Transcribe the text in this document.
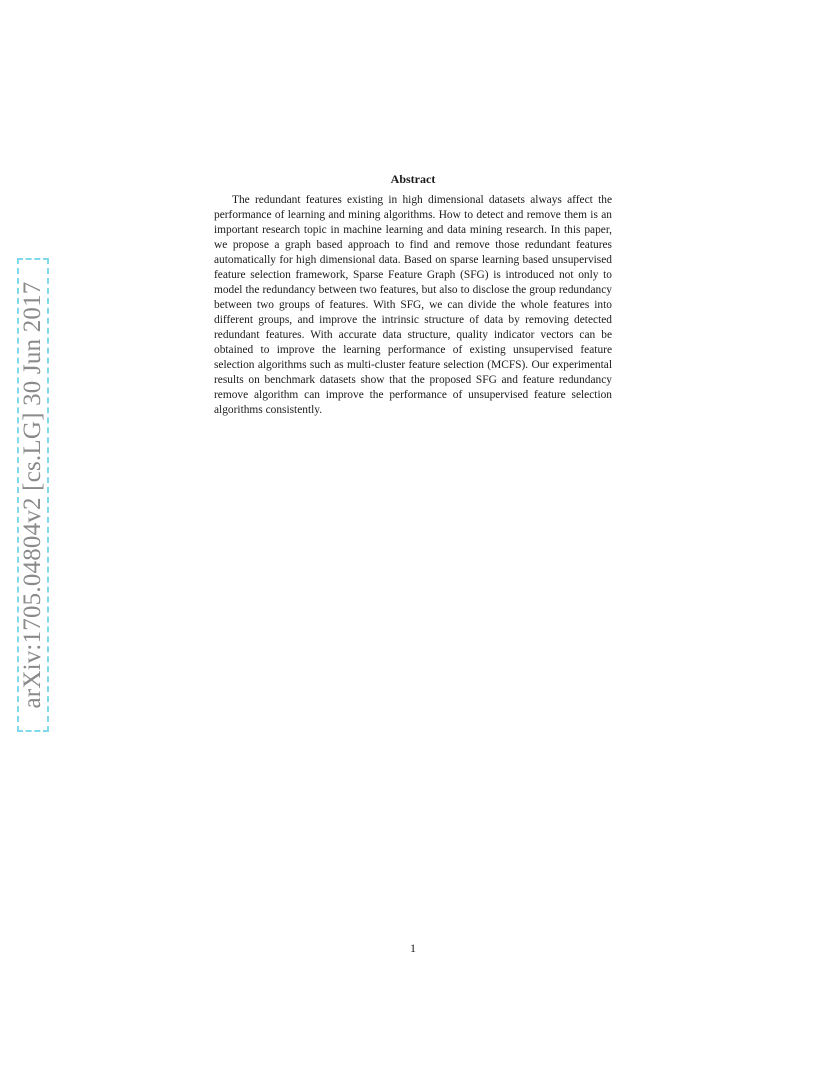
arXiv:1705.04804v2 [cs.LG] 30 Jun 2017
Abstract
The redundant features existing in high dimensional datasets always affect the performance of learning and mining algorithms. How to detect and remove them is an important research topic in machine learning and data mining research. In this paper, we propose a graph based approach to find and remove those redundant features automatically for high dimensional data. Based on sparse learning based unsupervised feature selection framework, Sparse Feature Graph (SFG) is introduced not only to model the redundancy between two features, but also to disclose the group redundancy between two groups of features. With SFG, we can divide the whole features into different groups, and improve the intrinsic structure of data by removing detected redundant features. With accurate data structure, quality indicator vectors can be obtained to improve the learning performance of existing unsupervised feature selection algorithms such as multi-cluster feature selection (MCFS). Our experimental results on benchmark datasets show that the proposed SFG and feature redundancy remove algorithm can improve the performance of unsupervised feature selection algorithms consistently.
1
